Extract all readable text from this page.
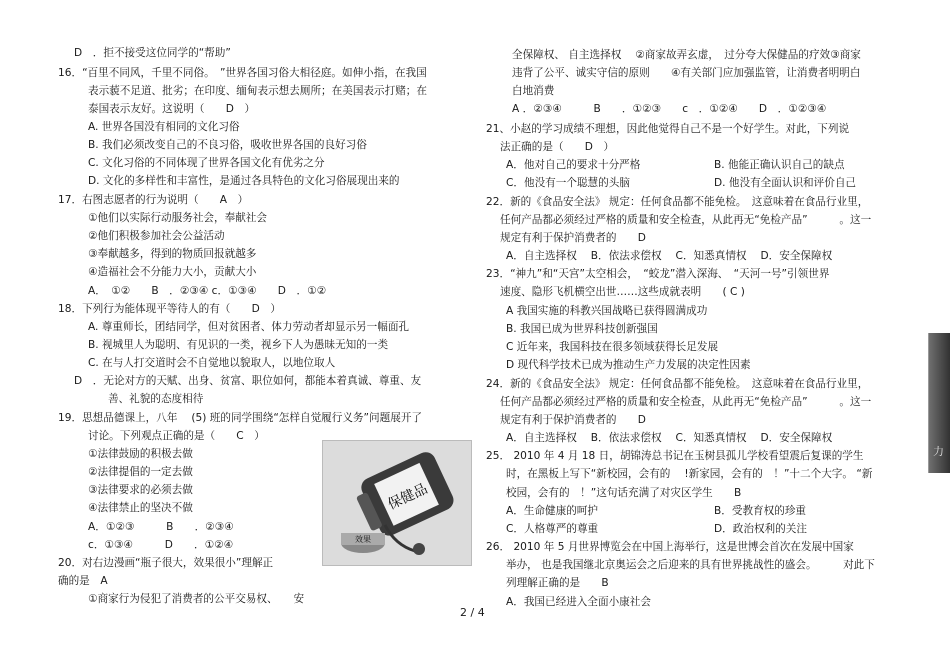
D　．拒不接受这位同学的“帮助”
16．“百里不同风，千里不同俗。　”世界各国习俗大相径庭。如伸小指，在我国
表示藐不足道、批劣；在印度、缅甸表示想去厕所；在美国表示打赌；在
泰国表示友好。这说明（　　D　）
A. 世界各国没有相同的文化习俗
B. 我们必须改变自己的不良习俗，吸收世界各国的良好习俗
C. 文化习俗的不同体现了世界各国文化有优劣之分
D. 文化的多样性和丰富性，是通过各具特色的文化习俗展现出来的
17．右图志愿者的行为说明（　　A　）
①他们以实际行动服务社会，奉献社会
②他们积极参加社会公益活动
③奉献越多，得到的物质回报就越多
④造福社会不分能力大小，贡献大小
A．　①②　　B　．②③④ c．①③④　　D　．①②
18．下列行为能体现平等待人的有（　　D　）
A. 尊重师长，团结同学，但对贫困者、体力劳动者却显示另一幅面孔
B. 视城里人为聪明、有见识的一类，视乡下人为愚昧无知的一类
C. 在与人打交道时会不自觉地以貌取人，以地位取人
D　．无论对方的天赋、出身、贫富、职位如何，都能本着真诚、尊重、友
善、礼貌的态度相待
19．思想品德课上，八年　 (5) 班的同学围绕“怎样自觉履行义务”问题展开了
讨论。下列观点正确的是（　　C　）
①法律鼓励的积极去做
②法律提倡的一定去做
③法律要求的必须去做
④法律禁止的坚决不做
A．①②③　　　B　　．②③④
c．①③④　　　D　　．①②④
20．对右边漫画“瓶子很大，效果很小”理解正
确的是　A
①商家行为侵犯了消费者的公平交易权、　　安
保健品
效果
全保障权、 自主选择权 　②商家故弄玄虚，　过分夸大保健品的疗效③商家
违背了公平、诚实守信的原则　　④有关部门应加强监管，让消费者明明白
白地消费
A ．②③④　　　B　　．①②③　　c　．①②④　　D　．①②③④
21、小赵的学习成绩不理想，因此他觉得自己不是一个好学生。对此，下列说
法正确的是（　　D　）
A．他对自己的要求十分严格	B. 他能正确认识自己的缺点
C．他没有一个聪慧的头脑	D. 他没有全面认识和评价自己
22．新的《食品安全法》 规定：任何食品都不能免检。　这意味着在食品行业里，
任何产品都必须经过严格的质量和安全检查，从此再无“免检产品”　　　。这一
规定有利于保护消费者的　　D
A．自主选择权　 B．依法求偿权　 C．知悉真情权　 D．安全保障权
23．“神九”和“天宫”太空相会，　“蛟龙”潜入深海、　“天河一号”引领世界
速度、隐形飞机横空出世……这些成就表明　　( C )
A 我国实施的科教兴国战略已获得圆满成功
B. 我国已成为世界科技创新强国
C 近年来，我国科技在很多领域获得长足发展
D 现代科学技术已成为推动生产力发展的决定性因素
24．新的《食品安全法》 规定：任何食品都不能免检。　这意味着在食品行业里，
任何产品都必须经过严格的质量和安全检查，从此再无“免检产品”　　　。这一
规定有利于保护消费者的　　D
A．自主选择权　 B．依法求偿权　 C．知悉真情权　 D．安全保障权
25． 2010 年 4 月 18 日，胡锦涛总书记在玉树县孤儿学校看望震后复课的学生
时，在黑板上写下“新校园，会有的　 !新家园，会有的　！”十二个大字。 “新
校园，会有的　！”这句话充满了对灾区学生　　B
A．生命健康的呵护	B．受教育权的珍重
C．人格尊严的尊重	D．政治权利的关注
26． 2010 年 5 月世界博览会在中国上海举行，这是世博会首次在发展中国家
举办， 也是我国继北京奥运会之后迎来的具有世界挑战性的盛会。　　　对此下
列理解正确的是　　B
A．我国已经进入全面小康社会
力
2 / 4
